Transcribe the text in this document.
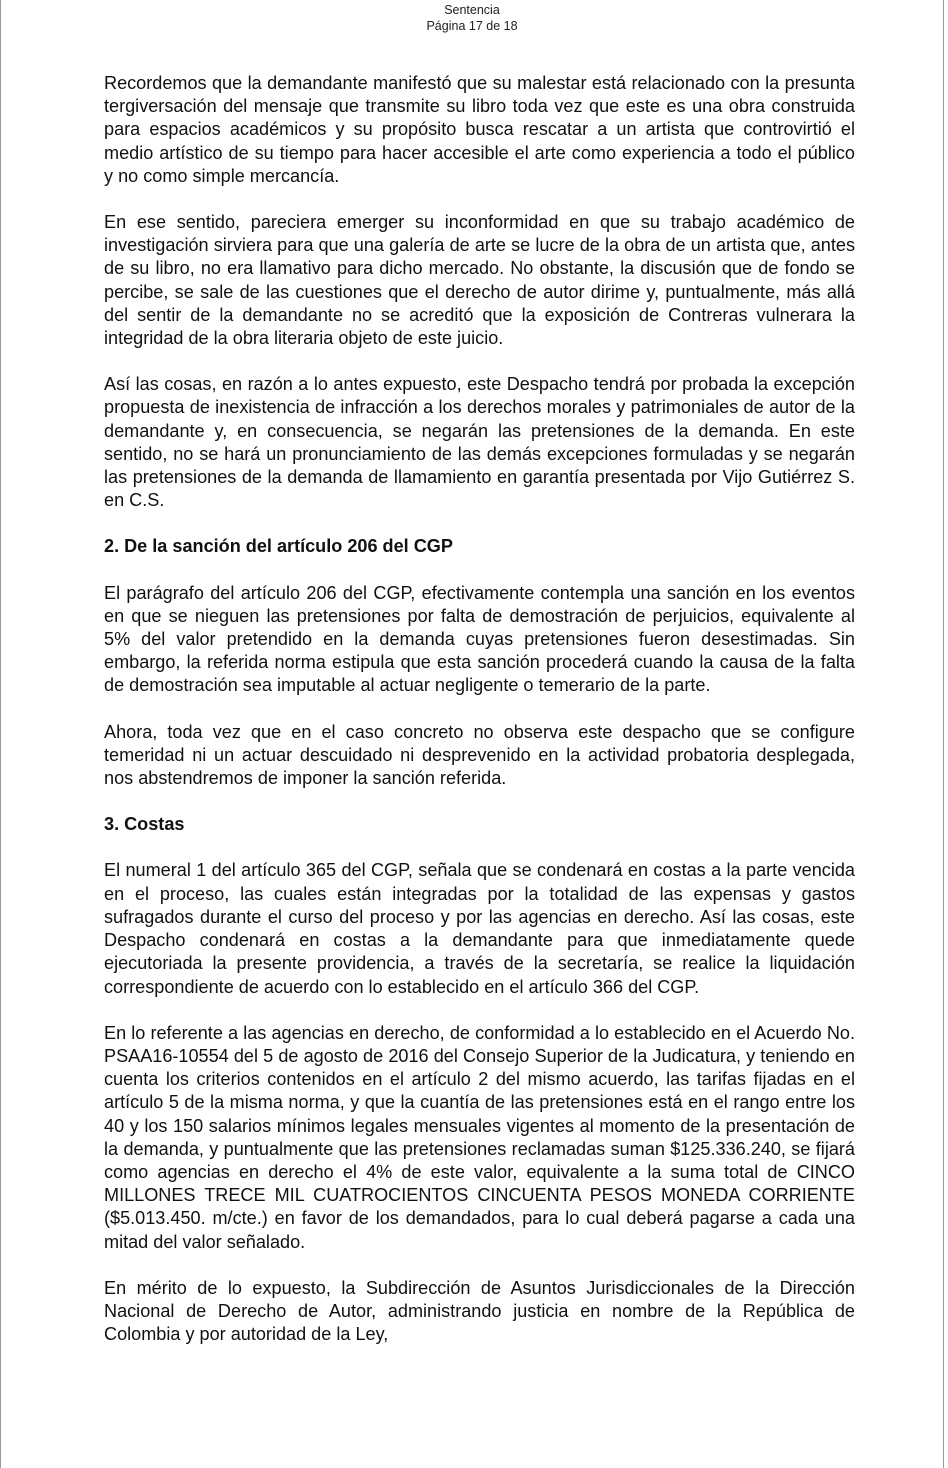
Sentencia
Página 17 de 18

Recordemos que la demandante manifestó que su malestar está relacionado con la presunta tergiversación del mensaje que transmite su libro toda vez que este es una obra construida para espacios académicos y su propósito busca rescatar a un artista que controvirtió el medio artístico de su tiempo para hacer accesible el arte como experiencia a todo el público y no como simple mercancía.

En ese sentido, pareciera emerger su inconformidad en que su trabajo académico de investigación sirviera para que una galería de arte se lucre de la obra de un artista que, antes de su libro, no era llamativo para dicho mercado. No obstante, la discusión que de fondo se percibe, se sale de las cuestiones que el derecho de autor dirime y, puntualmente, más allá del sentir de la demandante no se acreditó que la exposición de Contreras vulnerara la integridad de la obra literaria objeto de este juicio.

Así las cosas, en razón a lo antes expuesto, este Despacho tendrá por probada la excepción propuesta de inexistencia de infracción a los derechos morales y patrimoniales de autor de la demandante y, en consecuencia, se negarán las pretensiones de la demanda. En este sentido, no se hará un pronunciamiento de las demás excepciones formuladas y se negarán las pretensiones de la demanda de llamamiento en garantía presentada por Vijo Gutiérrez S. en C.S.

2. De la sanción del artículo 206 del CGP

El parágrafo del artículo 206 del CGP, efectivamente contempla una sanción en los eventos en que se nieguen las pretensiones por falta de demostración de perjuicios, equivalente al 5% del valor pretendido en la demanda cuyas pretensiones fueron desestimadas. Sin embargo, la referida norma estipula que esta sanción procederá cuando la causa de la falta de demostración sea imputable al actuar negligente o temerario de la parte.

Ahora, toda vez que en el caso concreto no observa este despacho que se configure temeridad ni un actuar descuidado ni desprevenido en la actividad probatoria desplegada, nos abstendremos de imponer la sanción referida.

3. Costas

El numeral 1 del artículo 365 del CGP, señala que se condenará en costas a la parte vencida en el proceso, las cuales están integradas por la totalidad de las expensas y gastos sufragados durante el curso del proceso y por las agencias en derecho. Así las cosas, este Despacho condenará en costas a la demandante para que inmediatamente quede ejecutoriada la presente providencia, a través de la secretaría, se realice la liquidación correspondiente de acuerdo con lo establecido en el artículo 366 del CGP.

En lo referente a las agencias en derecho, de conformidad a lo establecido en el Acuerdo No. PSAA16-10554 del 5 de agosto de 2016 del Consejo Superior de la Judicatura, y teniendo en cuenta los criterios contenidos en el artículo 2 del mismo acuerdo, las tarifas fijadas en el artículo 5 de la misma norma, y que la cuantía de las pretensiones está en el rango entre los 40 y los 150 salarios mínimos legales mensuales vigentes al momento de la presentación de la demanda, y puntualmente que las pretensiones reclamadas suman $125.336.240, se fijará como agencias en derecho el 4% de este valor, equivalente a la suma total de CINCO MILLONES TRECE MIL CUATROCIENTOS CINCUENTA PESOS MONEDA CORRIENTE ($5.013.450. m/cte.) en favor de los demandados, para lo cual deberá pagarse a cada una mitad del valor señalado.

En mérito de lo expuesto, la Subdirección de Asuntos Jurisdiccionales de la Dirección Nacional de Derecho de Autor, administrando justicia en nombre de la República de Colombia y por autoridad de la Ley,
